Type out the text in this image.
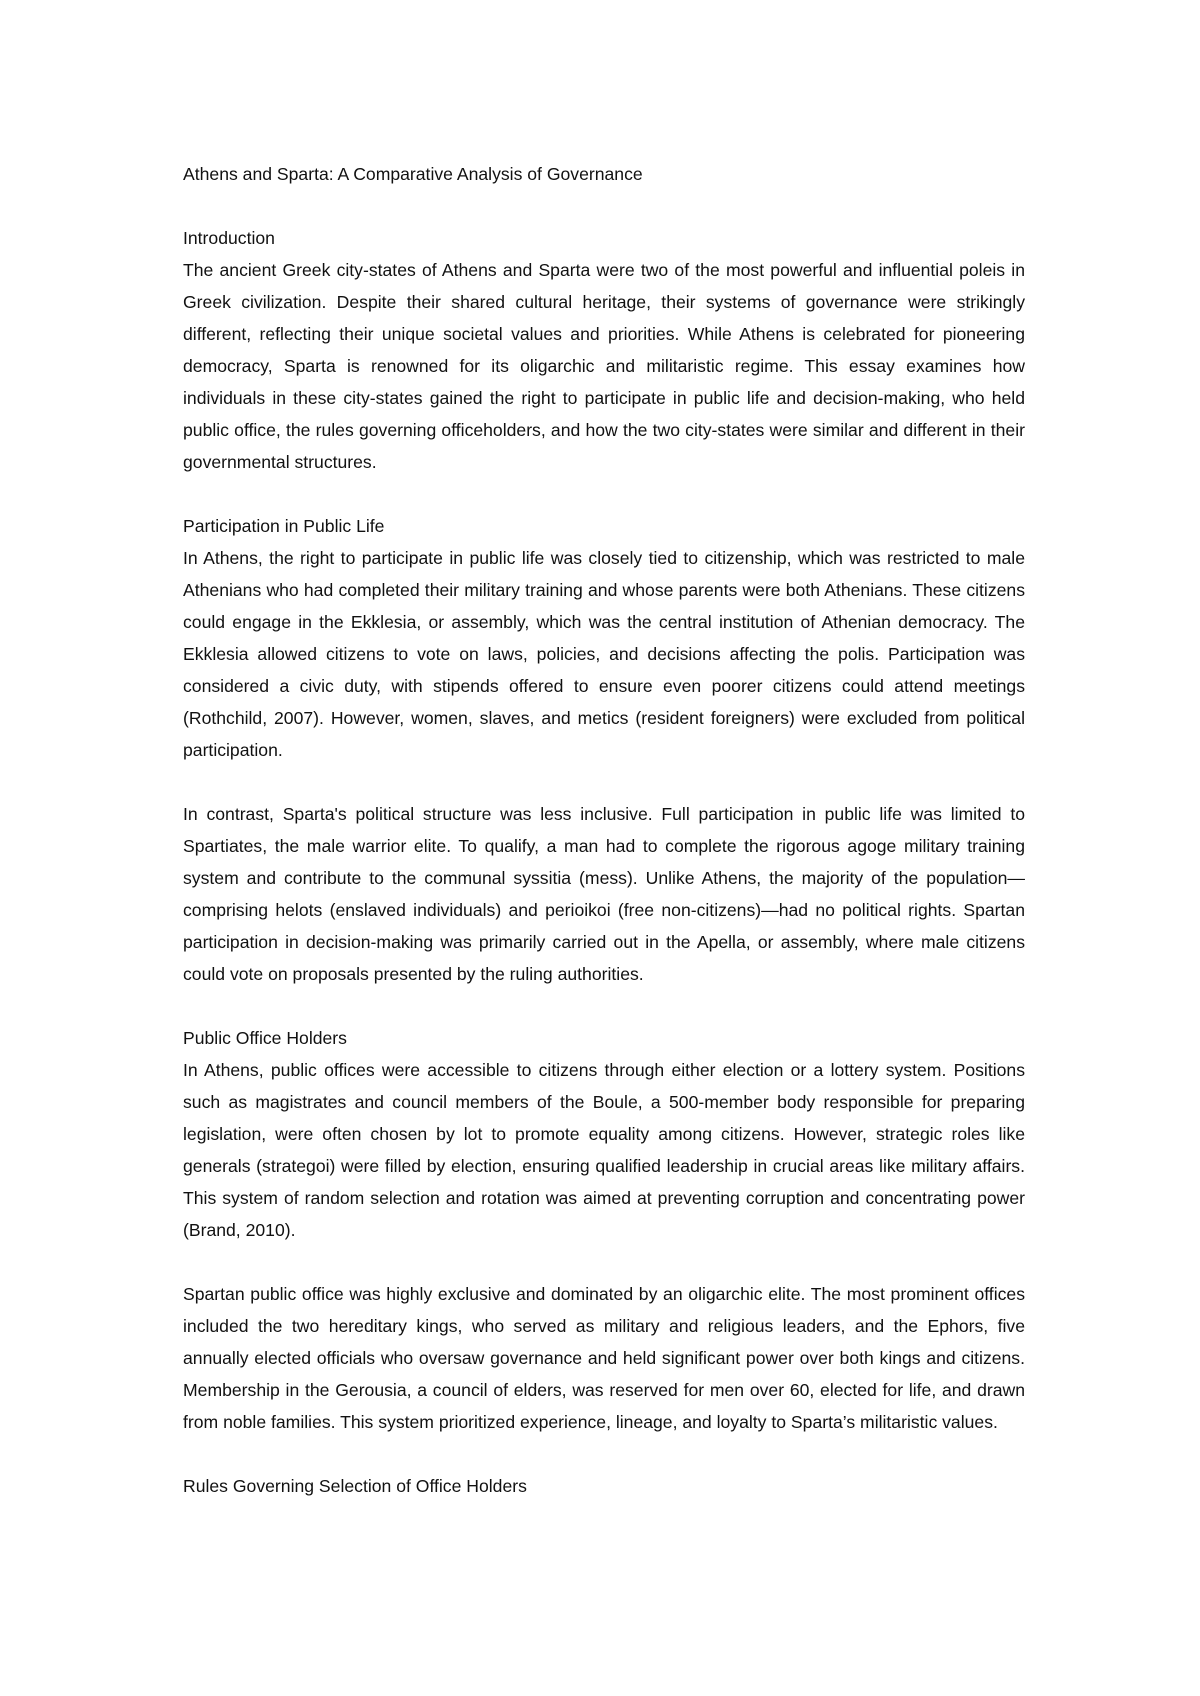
Athens and Sparta: A Comparative Analysis of Governance

Introduction

The ancient Greek city-states of Athens and Sparta were two of the most powerful and influential poleis in Greek civilization. Despite their shared cultural heritage, their systems of governance were strikingly different, reflecting their unique societal values and priorities. While Athens is celebrated for pioneering democracy, Sparta is renowned for its oligarchic and militaristic regime. This essay examines how individuals in these city-states gained the right to participate in public life and decision-making, who held public office, the rules governing officeholders, and how the two city-states were similar and different in their governmental structures.

Participation in Public Life

In Athens, the right to participate in public life was closely tied to citizenship, which was restricted to male Athenians who had completed their military training and whose parents were both Athenians. These citizens could engage in the Ekklesia, or assembly, which was the central institution of Athenian democracy. The Ekklesia allowed citizens to vote on laws, policies, and decisions affecting the polis. Participation was considered a civic duty, with stipends offered to ensure even poorer citizens could attend meetings (Rothchild, 2007). However, women, slaves, and metics (resident foreigners) were excluded from political participation.

In contrast, Sparta's political structure was less inclusive. Full participation in public life was limited to Spartiates, the male warrior elite. To qualify, a man had to complete the rigorous agoge military training system and contribute to the communal syssitia (mess). Unlike Athens, the majority of the population—comprising helots (enslaved individuals) and perioikoi (free non-citizens)—had no political rights. Spartan participation in decision-making was primarily carried out in the Apella, or assembly, where male citizens could vote on proposals presented by the ruling authorities.

Public Office Holders

In Athens, public offices were accessible to citizens through either election or a lottery system. Positions such as magistrates and council members of the Boule, a 500-member body responsible for preparing legislation, were often chosen by lot to promote equality among citizens. However, strategic roles like generals (strategoi) were filled by election, ensuring qualified leadership in crucial areas like military affairs. This system of random selection and rotation was aimed at preventing corruption and concentrating power (Brand, 2010).

Spartan public office was highly exclusive and dominated by an oligarchic elite. The most prominent offices included the two hereditary kings, who served as military and religious leaders, and the Ephors, five annually elected officials who oversaw governance and held significant power over both kings and citizens. Membership in the Gerousia, a council of elders, was reserved for men over 60, elected for life, and drawn from noble families. This system prioritized experience, lineage, and loyalty to Sparta’s militaristic values.

Rules Governing Selection of Office Holders
